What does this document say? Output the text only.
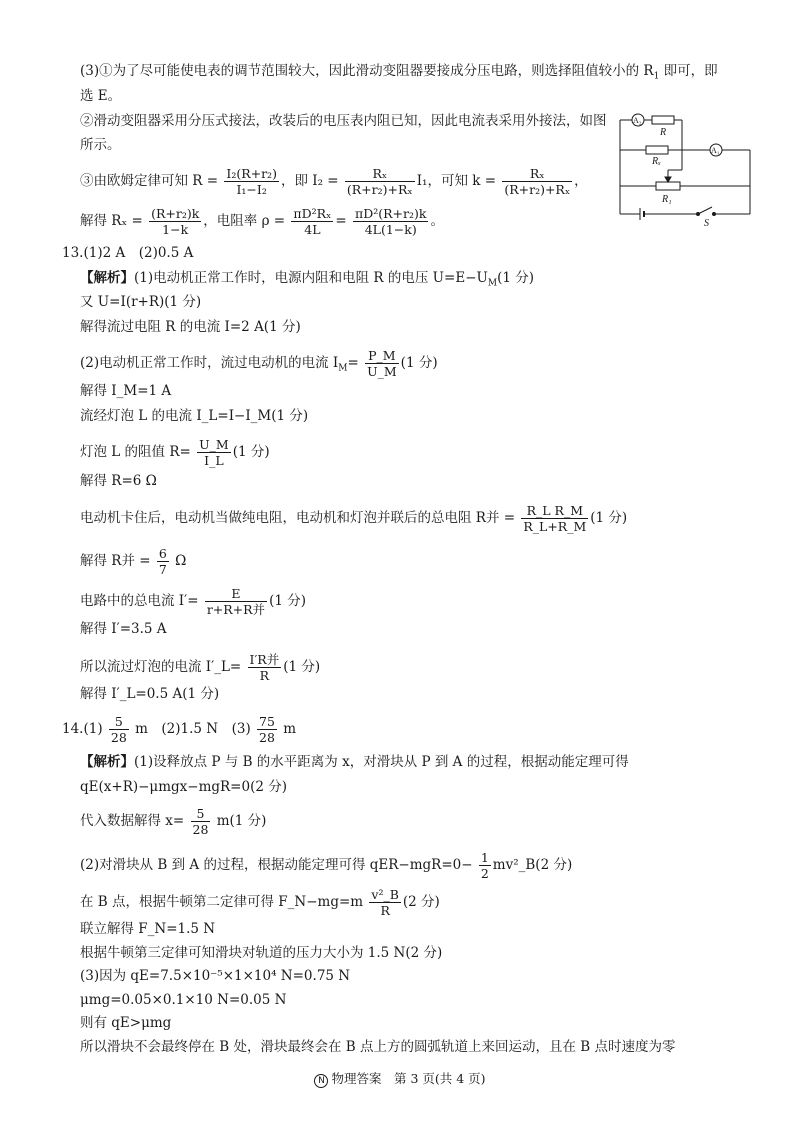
(3)①为了尽可能使电表的调节范围较大，因此滑动变阻器要接成分压电路，则选择阻值较小的 $R_1$ 即可，即
选 E。
②滑动变阻器采用分压式接法，改装后的电压表内阻已知，因此电流表采用外接法，如图
所示。
③由欧姆定律可知 $R = \frac{\text{I₂(R+r₂)}}{\text{I₁−I₂}}$ ，即 $I_2 = \frac{\text{Rₓ}}{\text{(R+r₂)+Rₓ}} I_1$，可知 $k = \frac{\text{Rₓ}}{\text{(R+r₂)+Rₓ}}$ ，
解得 $R_x = \frac{\text{(R+r₂)k}}{1-k}$ ，电阻率 $\rho = \frac{\text{πD²Rₓ}}{4L} = \frac{\text{πD²(R+r₂)k}}{4L(1-k)}$ 。
A₂
R
Rₓ
A₁
R₁
S
13.(1)2 A　(2)0.5 A
【解析】(1)电动机正常工作时，电源内阻和电阻 R 的电压 $U=E-U_M(1$ 分)
又 U=I(r+R)(1 分)
解得流过电阻 R 的电流 I=2 A(1 分)
(2)电动机正常工作时，流过电动机的电流 $I_M= \frac{P\_M}{U\_M} (1$ 分)
解得 I_M=1 A
流经灯泡 L 的电流 I_L=I−I_M(1 分)
灯泡 L 的阻值 $R= \frac{U\_M}{I\_L} (1$ 分)
解得 R=6 Ω
电动机卡住后，电动机当做纯电阻，电动机和灯泡并联后的总电阻 R并 = $\frac{\text{R\_L R\_M}}{R\_L+R\_M} (1$ 分)
解得 R并 = $\frac{6}{7}$ Ω
电路中的总电流 $I'= \frac{E}{\text{r+R+R并}} (1$ 分)
解得 I′=3.5 A
所以流过灯泡的电流 I′_L= $\frac{\text{I′R并}}{R} (1$ 分)
解得 I′_L=0.5 A(1 分)
$14.(1) \frac{5}{28}$ m　(2)1.5 N　$(3) \frac{75}{28}$ m
【解析】(1)设释放点 P 与 B 的水平距离为 x，对滑块从 P 到 A 的过程，根据动能定理可得
qE(x+R)−μmgx−mgR=0(2 分)
代入数据解得 $x= \frac{5}{28} m(1$ 分)
(2)对滑块从 B 到 A 的过程，根据动能定理可得 $qER-mgR=0- \frac{1}{2}$ mv²_B(2 分)
在 B 点，根据牛顿第二定律可得 F_N−mg=m $\frac{\text{v²\_B}}{R} (2$ 分)
联立解得 F_N=1.5 N
根据牛顿第三定律可知滑块对轨道的压力大小为 1.5 N(2 分)
(3)因为 qE=7.5×10⁻⁵×1×10⁴ N=0.75 N
μmg=0.05×0.1×10 N=0.05 N
则有 qE>μmg
所以滑块不会最终停在 B 处，滑块最终会在 B 点上方的圆弧轨道上来回运动，且在 B 点时速度为零
N 物理答案　第 3 页(共 4 页)
